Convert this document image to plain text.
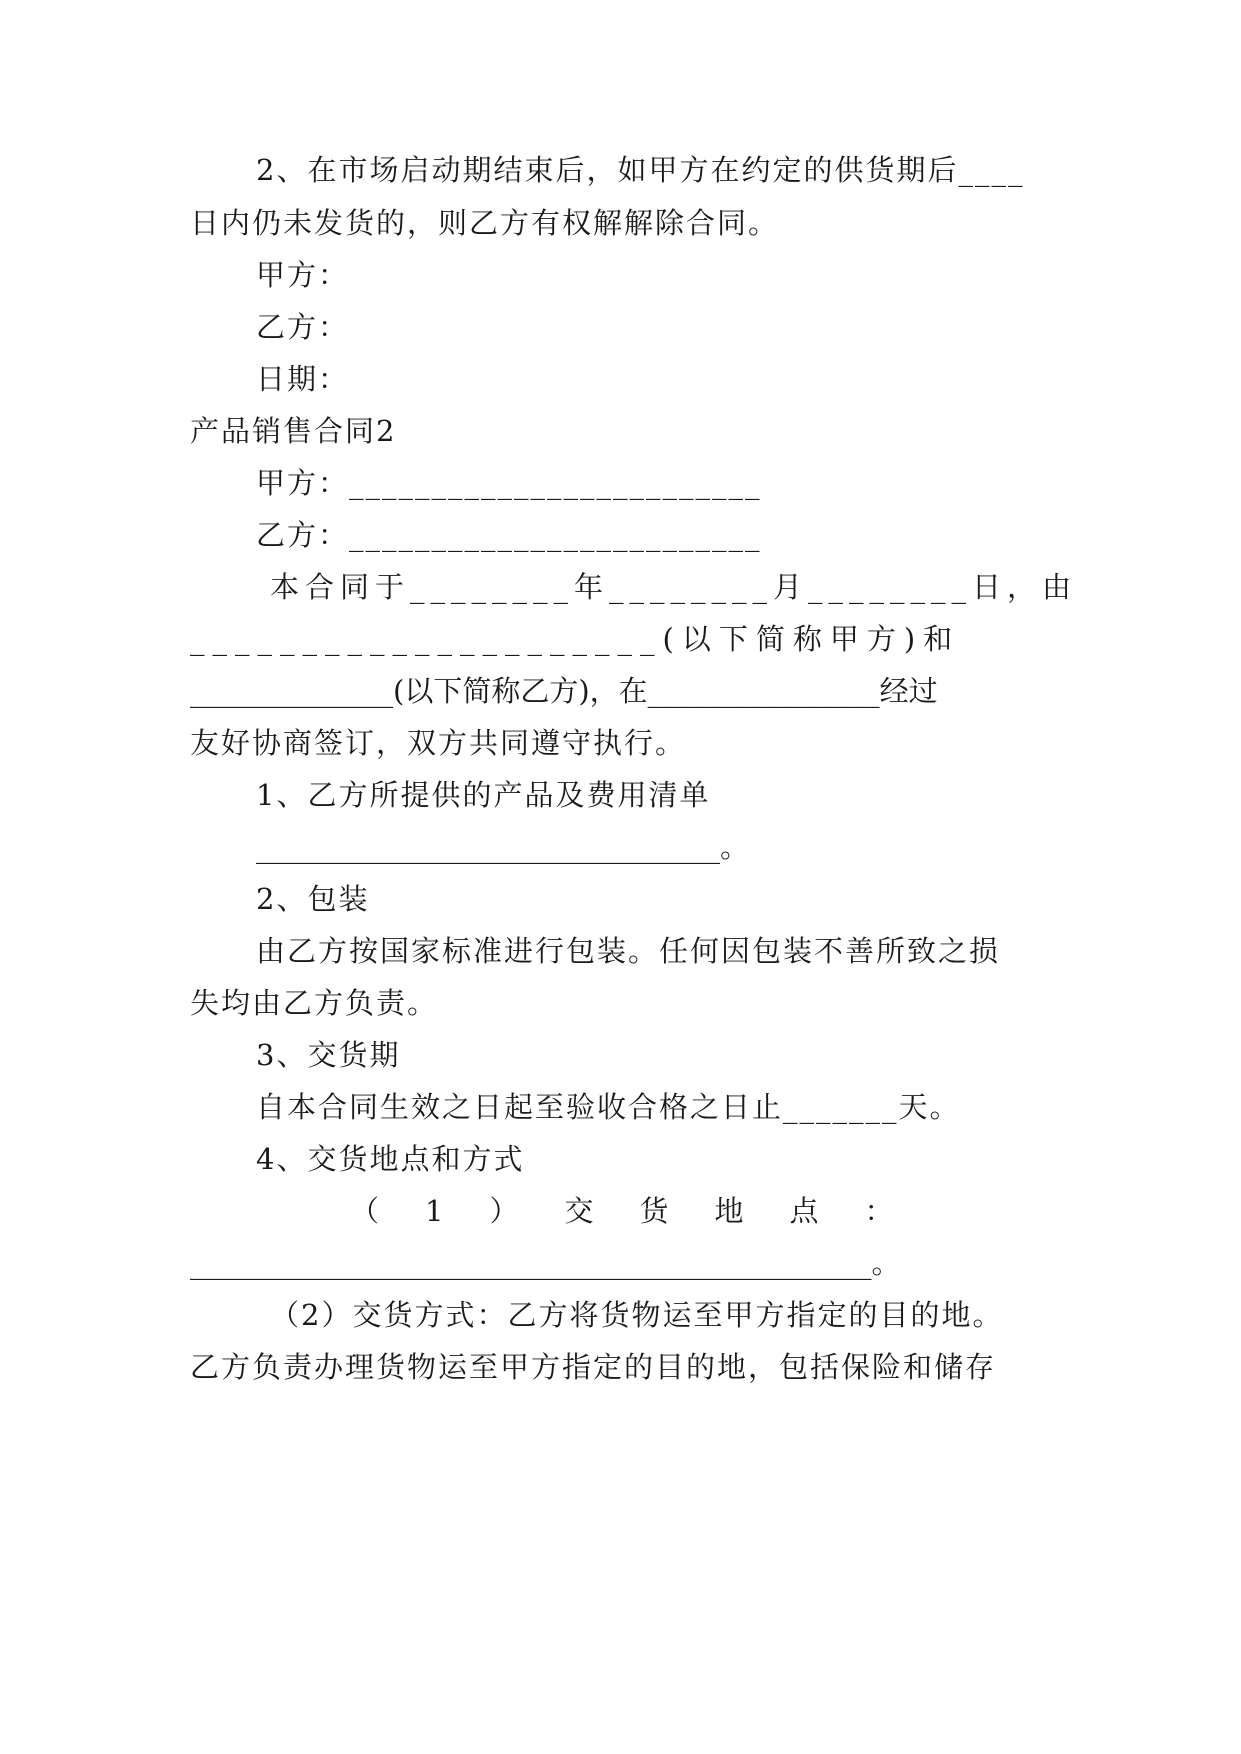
2、在市场启动期结束后，如甲方在约定的供货期后____
日内仍未发货的，则乙方有权解解除合同。
甲方：
乙方：
日期：
产品销售合同2
甲方：_________________________
乙方：_________________________
本合同于________年________月________日，由
_____________________(以下简称甲方)和
______________(以下简称乙方)，在________________经过
友好协商签订，双方共同遵守执行。
1、乙方所提供的产品及费用清单
________________________________。
2、包装
由乙方按国家标准进行包装。任何因包装不善所致之损
失均由乙方负责。
3、交货期
自本合同生效之日起至验收合格之日止_______天。
4、交货地点和方式
（1）交货地点：
_______________________________________________。
（2）交货方式：乙方将货物运至甲方指定的目的地。
乙方负责办理货物运至甲方指定的目的地，包括保险和储存
